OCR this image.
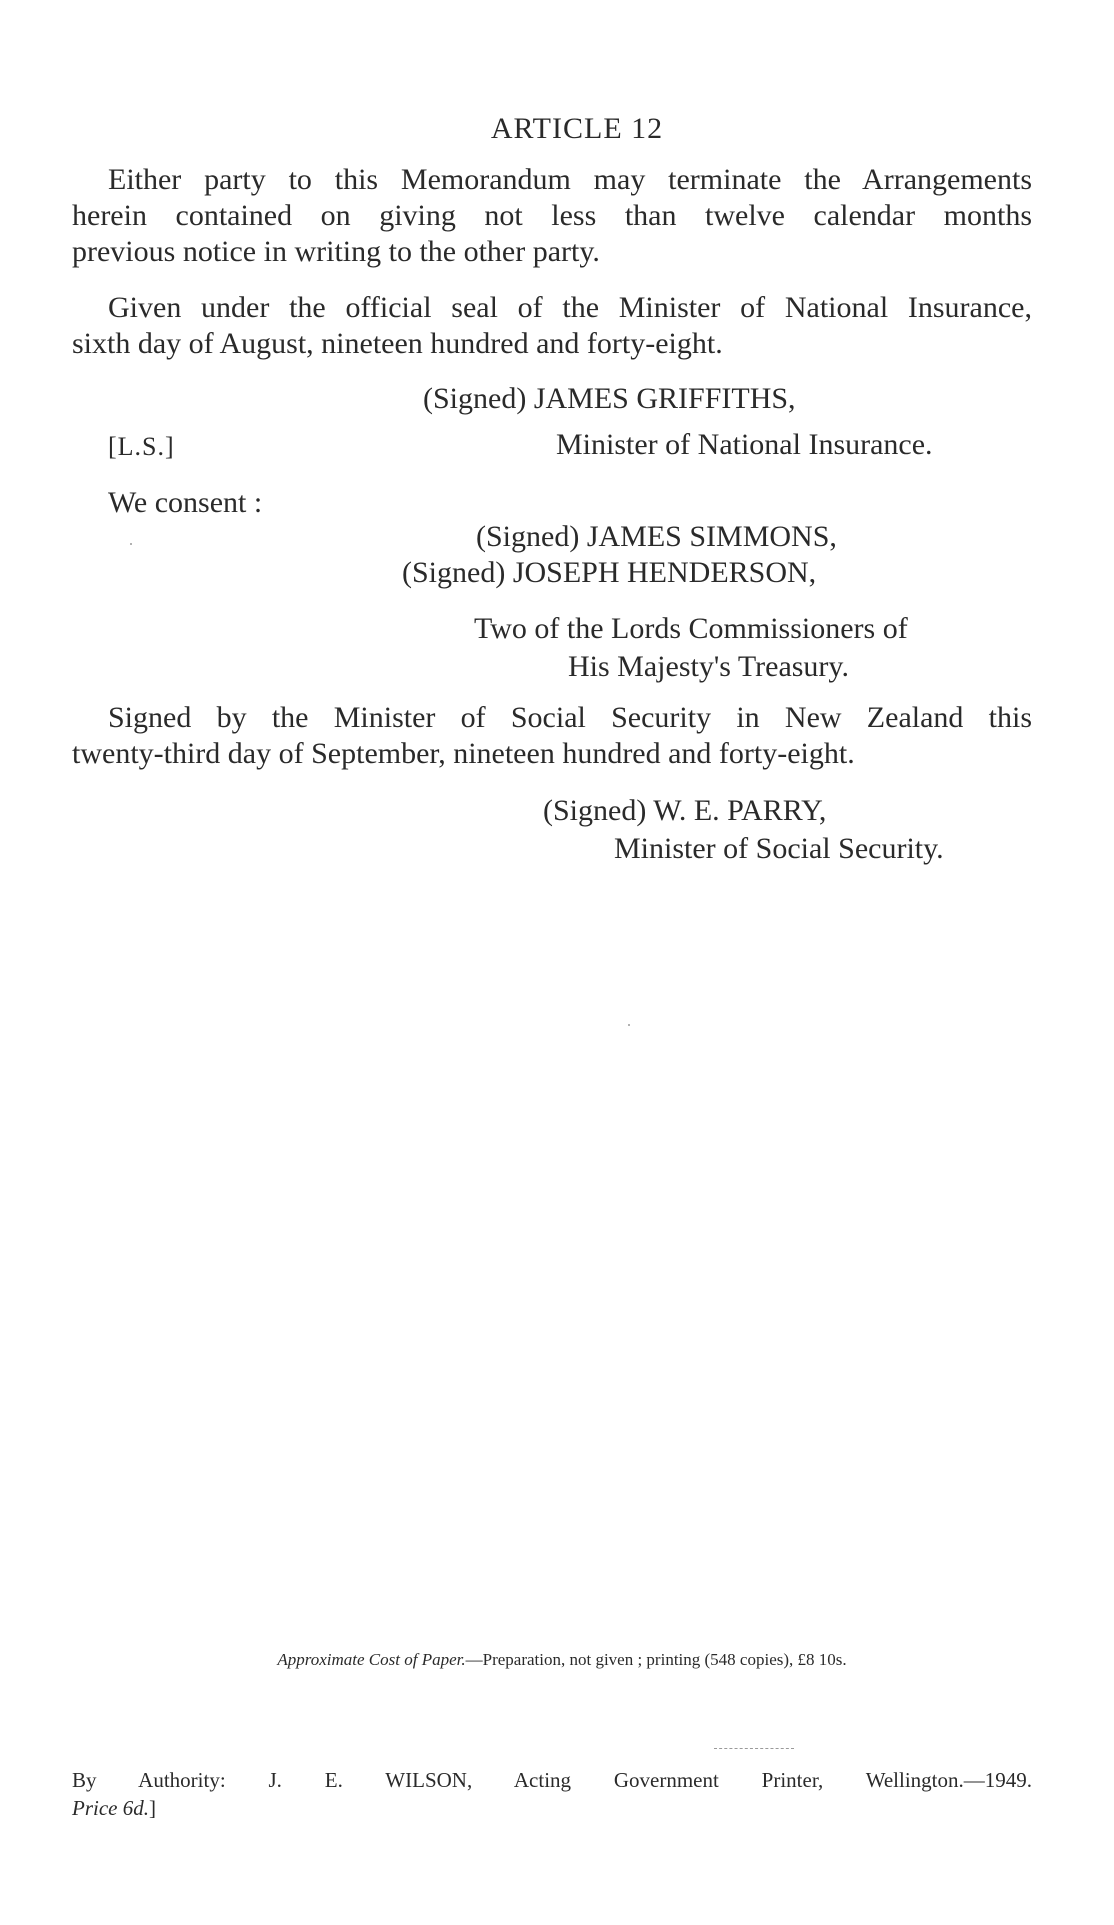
ARTICLE 12
Either party to this Memorandum may terminate the Arrangements
herein contained on giving not less than twelve calendar months
previous notice in writing to the other party.
Given under the official seal of the Minister of National Insurance,
sixth day of August, nineteen hundred and forty-eight.
(Signed) JAMES GRIFFITHS,
Minister of National Insurance.
[L.S.]
We consent :
(Signed) JAMES SIMMONS,
(Signed) JOSEPH HENDERSON,
Two of the Lords Commissioners of
His Majesty's Treasury.
Signed by the Minister of Social Security in New Zealand this
twenty-third day of September, nineteen hundred and forty-eight.
(Signed) W. E. PARRY,
Minister of Social Security.
Approximate Cost of Paper.—Preparation, not given ; printing (548 copies), £8 10s.
By Authority: J. E. WILSON, Acting Government Printer, Wellington.—1949.
Price 6d.]
